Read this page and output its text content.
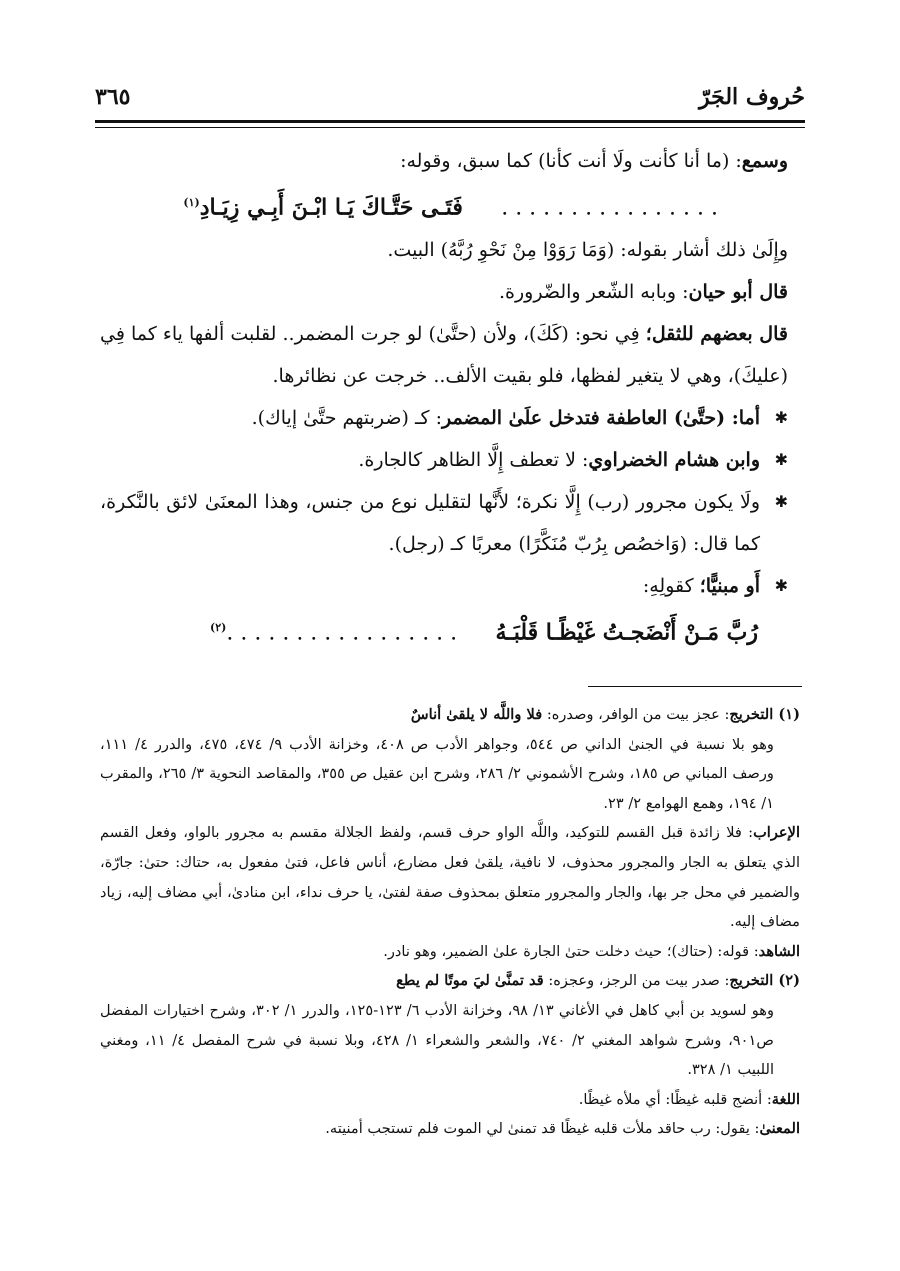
حُروف الجَرّ
٣٦٥

وسمع: (ما أنا كأنت ولَا أنت كأنا) كما سبق، وقوله:

. . . . . . . . . . . . . . . .     فَتَـى حَتَّـاكَ يَـا ابْـنَ أَبِـي زِيَـادِ$^{(١)}$

وإِلَىٰ ذلك أشار بقوله: (وَمَا رَوَوْا مِنْ نَحْوِ رُبَّهُ) البيت.

قال أبو حيان: وبابه الشّعر والضّرورة.

قال بعضهم للثقل؛ فِي نحو: (كَكَ)، ولأن (حتَّىٰ) لو جرت المضمر.. لقلبت ألفها ياء كما فِي (عليكَ)، وهي لا يتغير لفظها، فلو بقيت الألف.. خرجت عن نظائرها.

✱
أما: (حتَّىٰ) العاطفة فتدخل علَىٰ المضمر: كـ (ضربتهم حتَّىٰ إياك).

✱
وابن هشام الخضراوي: لا تعطف إِلَّا الظاهر كالجارة.

✱
ولَا يكون مجرور (رب) إِلَّا نكرة؛ لأَنَّها لتقليل نوع من جنس، وهذا المعنَىٰ لائق بالنَّكرة، كما قال: (وَاخصُص بِرُبّ مُنَكَّرًا) معربًا كـ (رجل).

✱
أَو مبنيًّا؛ كقولِهِ:

رُبَّ مَـنْ أَنْضَجـتُ غَيْظًـا قَلْبَـهُ     . . . . . . . . . . . . . . . . .$^{(٢)}$

(١) التخريج: عجز بيت من الوافر، وصدره: فلا واللَّه لا يلقىٰ أناسٌ

وهو بلا نسبة في الجنىٰ الداني ص ٥٤٤، وجواهر الأدب ص ٤٠٨، وخزانة الأدب ٩/ ٤٧٤، ٤٧٥، والدرر ٤/ ١١١، ورصف المباني ص ١٨٥، وشرح الأشموني ٢/ ٢٨٦، وشرح ابن عقيل ص ٣٥٥، والمقاصد النحوية ٣/ ٢٦٥، والمقرب ١/ ١٩٤، وهمع الهوامع ٢/ ٢٣.

الإعراب: فلا زائدة قبل القسم للتوكيد، واللَّه الواو حرف قسم، ولفظ الجلالة مقسم به مجرور بالواو، وفعل القسم الذي يتعلق به الجار والمجرور محذوف، لا نافية، يلقىٰ فعل مضارع، أناس فاعل، فتىٰ مفعول به، حتاك: حتىٰ: جارّة، والضمير في محل جر بها، والجار والمجرور متعلق بمحذوف صفة لفتىٰ، يا حرف نداء، ابن منادىٰ، أبي مضاف إليه، زياد مضاف إليه.

الشاهد: قوله: (حتاك)؛ حيث دخلت حتىٰ الجارة علىٰ الضمير، وهو نادر.

(٢) التخريج: صدر بيت من الرجز، وعجزه: قد تمنَّىٰ ليَ موتًا لم يطع

وهو لسويد بن أبي كاهل في الأغاني ١٣/ ٩٨، وخزانة الأدب ٦/ ١٢٣-١٢٥، والدرر ١/ ٣٠٢، وشرح اختيارات المفضل ص٩٠١، وشرح شواهد المغني ٢/ ٧٤٠، والشعر والشعراء ١/ ٤٢٨، وبلا نسبة في شرح المفصل ٤/ ١١، ومغني اللبيب ١/ ٣٢٨.

اللغة: أنضج قلبه غيظًا: أي ملأه غيظًا.

المعنىٰ: يقول: رب حاقد ملأت قلبه غيظًا قد تمنىٰ لي الموت فلم تستجب أمنيته.
